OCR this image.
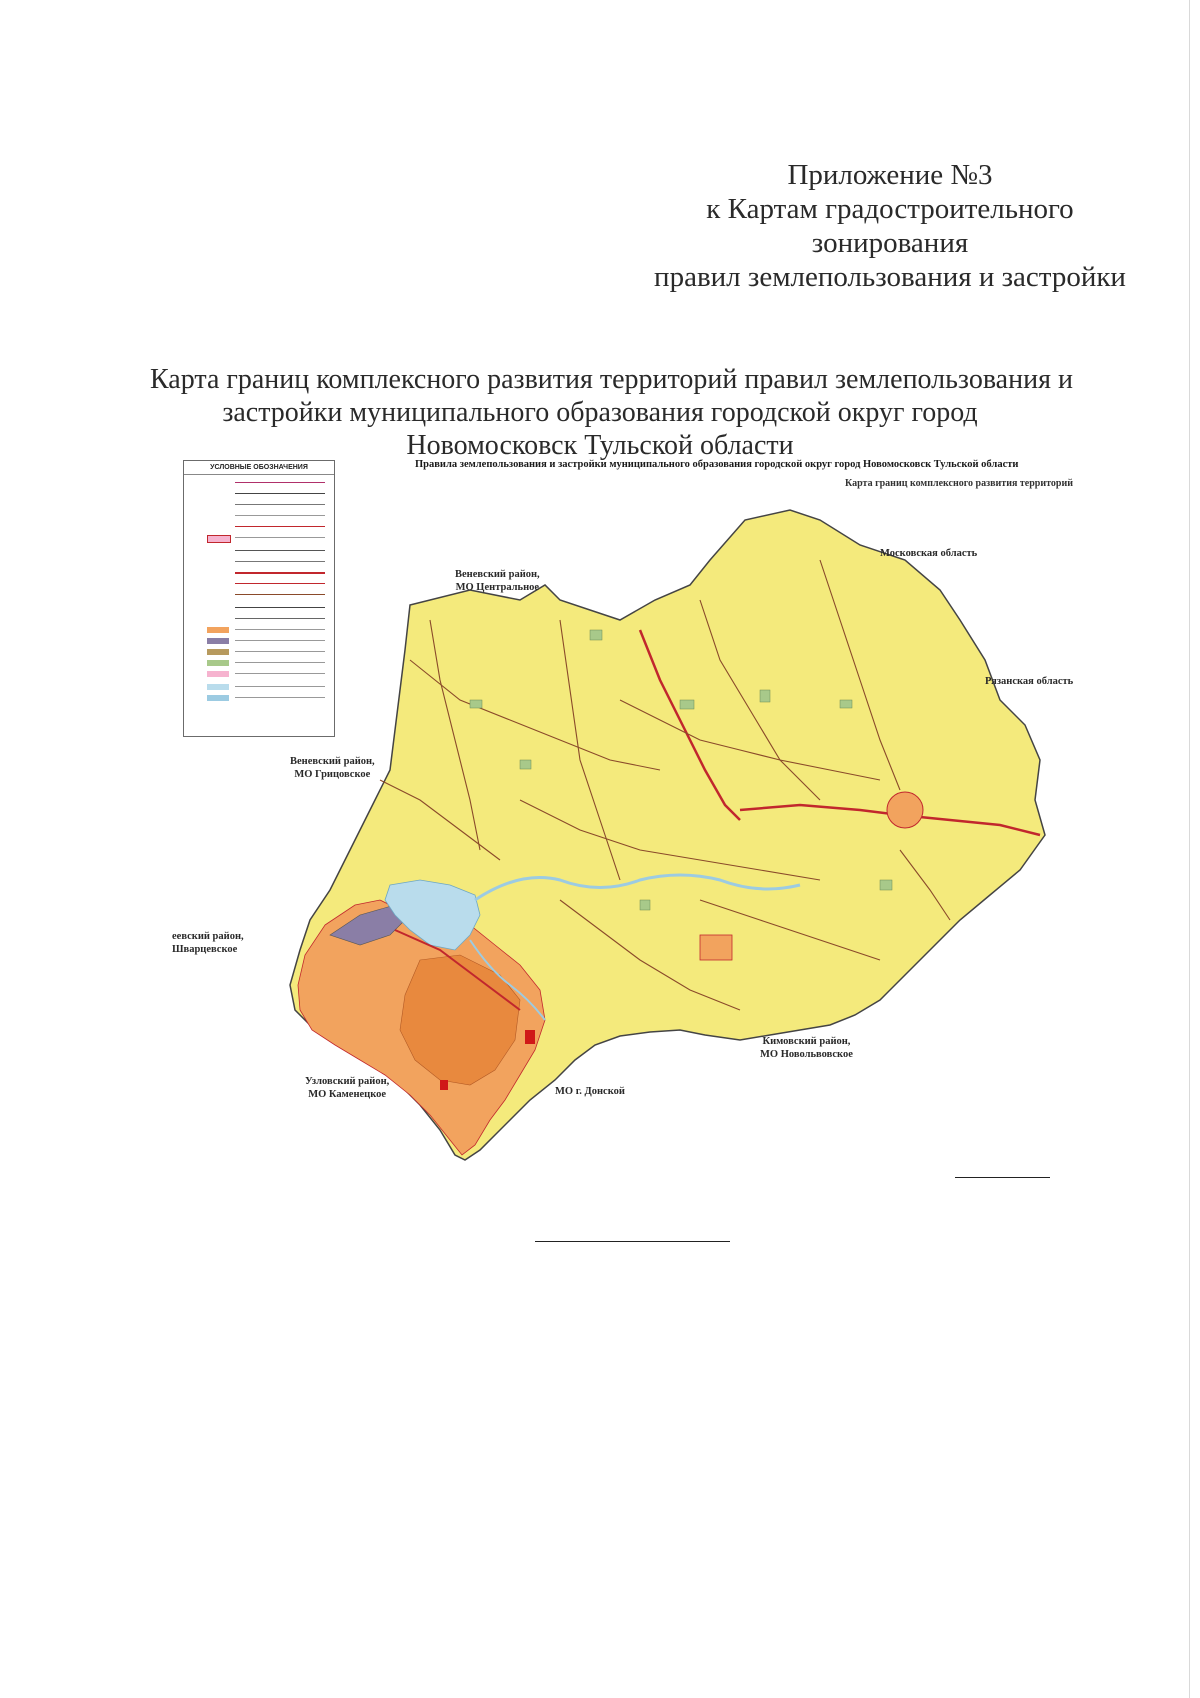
Приложение №3
к Картам градостроительного
зонирования
правил землепользования и застройки
Карта границ комплексного развития территорий правил землепользования и
застройки муниципального образования городской округ город
Новомосковск Тульской области
Правила землепользования и застройки муниципального образования городской округ город Новомосковск Тульской области
Карта границ комплексного развития территорий
УСЛОВНЫЕ ОБОЗНАЧЕНИЯ
Московская область
Рязанская область
Веневский район,
МО Центральное
Веневский район,
МО Грицовское
еевский район,
Шварцевское
Узловский район,
МО Каменецкое	МО г. Донской
Кимовский район,
МО Новольвовское
